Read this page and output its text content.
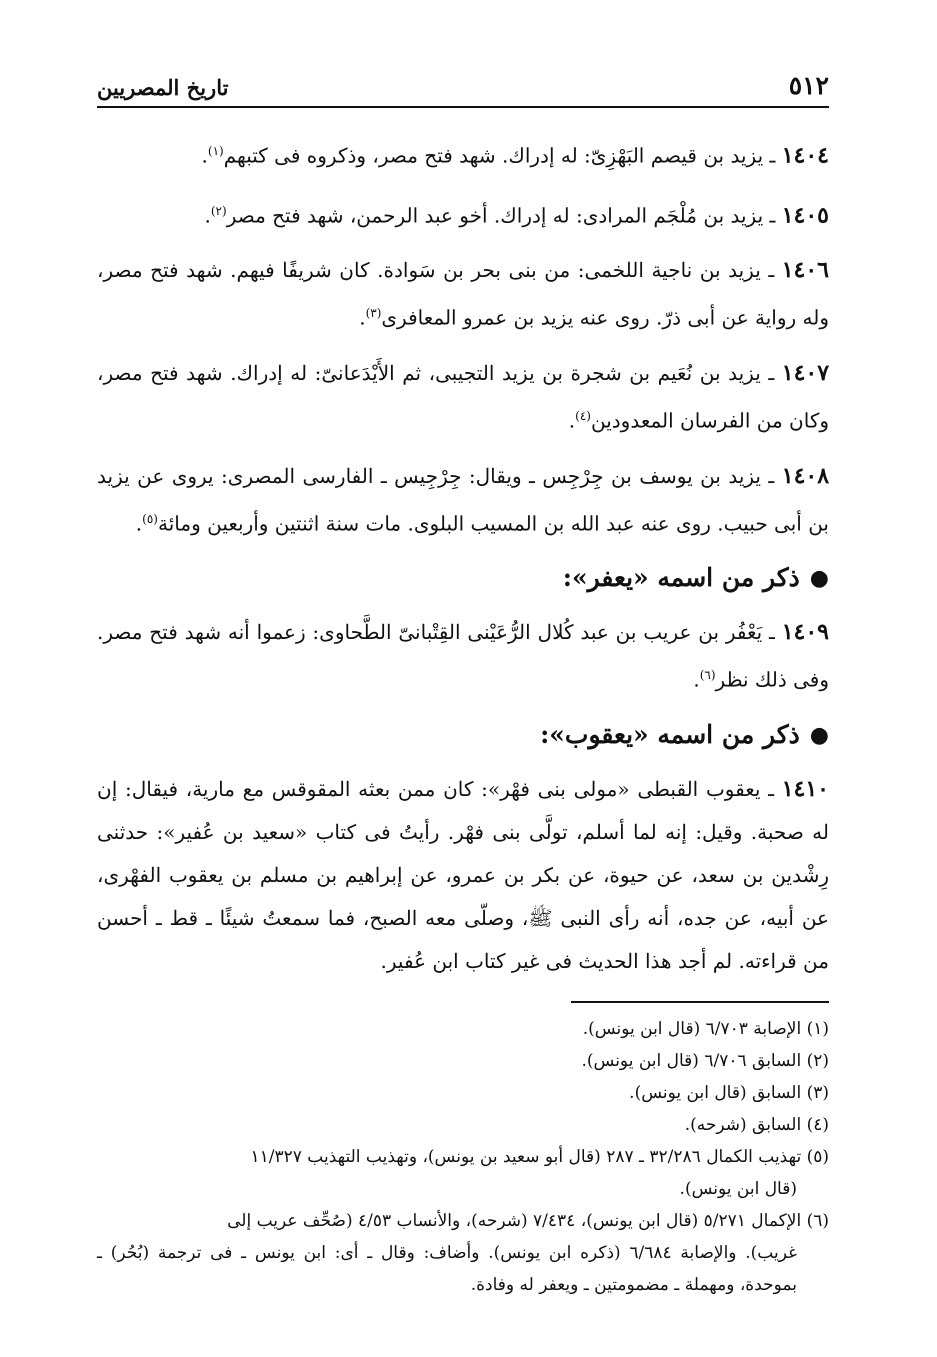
٥١٢
تاريخ المصريين

١٤٠٤ ـ يزيد بن قيصم البَهْزِىّ: له إدراك. شهد فتح مصر، وذكروه فى كتبهم$^{(١)}$.

١٤٠٥ ـ يزيد بن مُلْجَم المرادى: له إدراك. أخو عبد الرحمن، شهد فتح مصر$^{(٢)}$.

١٤٠٦ ـ يزيد بن ناجية اللخمى: من بنى بحر بن سَوادة. كان شريفًا فيهم. شهد فتح مصر، وله رواية عن أبى ذرّ. روى عنه يزيد بن عمرو المعافرى$^{(٣)}$.

١٤٠٧ ـ يزيد بن نُعَيم بن شجرة بن يزيد التجيبى، ثم الأَيْدَعانىّ: له إدراك. شهد فتح مصر، وكان من الفرسان المعدودين$^{(٤)}$.

١٤٠٨ ـ يزيد بن يوسف بن جِرْجِس ـ ويقال: جِرْجِيس ـ الفارسى المصرى: يروى عن يزيد بن أبى حبيب. روى عنه عبد الله بن المسيب البلوى. مات سنة اثنتين وأربعين ومائة$^{(٥)}$.

●
ذكر من اسمه «يعفر»:

١٤٠٩ ـ يَعْفُر بن عريب بن عبد كُلال الرُّعَيْنى القِتْبانىّ الطَّحاوى: زعموا أنه شهد فتح مصر. وفى ذلك نظر$^{(٦)}$.

●
ذكر من اسمه «يعقوب»:

١٤١٠ ـ يعقوب القبطى «مولى بنى فهْر»: كان ممن بعثه المقوقس مع مارية، فيقال: إن له صحبة. وقيل: إنه لما أسلم، تولَّى بنى فهْر. رأيتُ فى كتاب «سعيد بن عُفير»: حدثنى رِشْدين بن سعد، عن حيوة، عن بكر بن عمرو، عن إبراهيم بن مسلم بن يعقوب الفهْرى، عن أبيه، عن جده، أنه رأى النبى ﷺ، وصلّى معه الصبح، فما سمعتُ شيئًا ـ قط ـ أحسن من قراءته. لم أجد هذا الحديث فى غير كتاب ابن عُفير.

(١) الإصابة ٦/٧٠٣ (قال ابن يونس).
(٢) السابق ٦/٧٠٦ (قال ابن يونس).
(٣) السابق (قال ابن يونس).
(٤) السابق (شرحه).
(٥) تهذيب الكمال ٣٢/٢٨٦ ـ ٢٨٧ (قال أبو سعيد بن يونس)، وتهذيب التهذيب ١١/٣٢٧
(قال ابن يونس).
(٦) الإكمال ٥/٢٧١ (قال ابن يونس)، ٧/٤٣٤ (شرحه)، والأنساب ٤/٥٣ (صُحِّف عريب إلى
غريب). والإصابة ٦/٦٨٤ (ذكره ابن يونس). وأضاف: وقال ـ أى: ابن يونس ـ فى ترجمة (بُحُر) ـ بموحدة، ومهملة ـ مضمومتين ـ ويعفر له وفادة.
